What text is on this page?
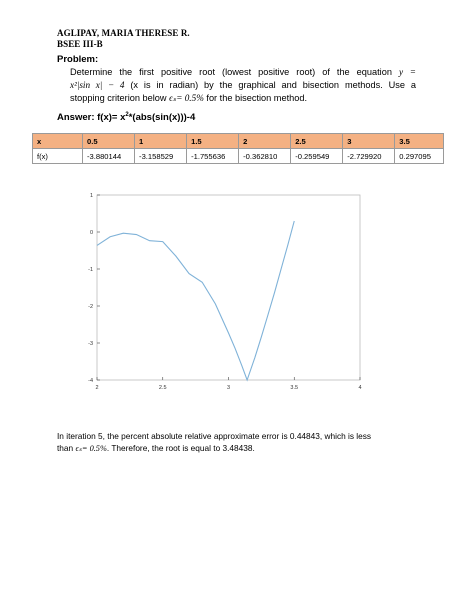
AGLIPAY, MARIA THERESE R.
BSEE III-B
Problem:
Determine the first positive root (lowest positive root) of the equation y =
x²|sin x| − 4 (x is in radian) by the graphical and bisection methods. Use a
stopping criterion below ϵₛ= 0.5% for the bisection method.
Answer: $f(x)= x^2*(abs(\sin(x)))-4$
x	0.5	1	1.5	2	2.5	3	3.5
f(x)	-3.880144	-3.158529	-1.755636	-0.362810	-0.259549	-2.729920	0.297095
2	2.5	3	3.5	4
1
0
-1
-2
-3
-4
In iteration 5, the percent absolute relative approximate error is 0.44843, which is less
than ϵₛ= 0.5%. Therefore, the root is equal to 3.48438.
